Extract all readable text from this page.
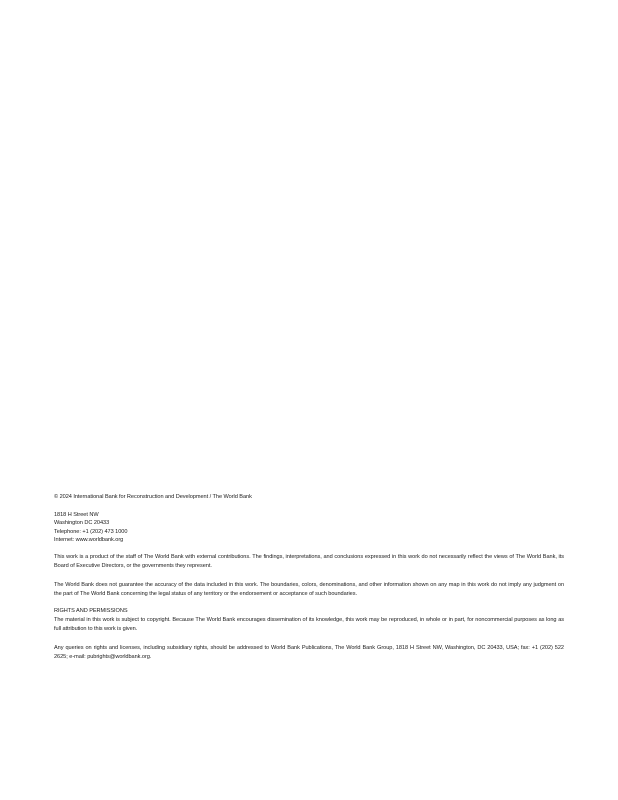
© 2024 International Bank for Reconstruction and Development / The World Bank

1818 H Street NW
Washington DC 20433
Telephone: +1 (202) 473 1000
Internet: www.worldbank.org

This work is a product of the staff of The World Bank with external contributions. The findings, interpretations, and conclusions expressed in this work do not necessarily reflect the views of The World Bank, its Board of Executive Directors, or the governments they represent.

The World Bank does not guarantee the accuracy of the data included in this work. The boundaries, colors, denominations, and other information shown on any map in this work do not imply any judgment on the part of The World Bank concerning the legal status of any territory or the endorsement or acceptance of such boundaries.

RIGHTS AND PERMISSIONS
The material in this work is subject to copyright. Because The World Bank encourages dissemination of its knowledge, this work may be reproduced, in whole or in part, for noncommercial purposes as long as full attribution to this work is given.

Any queries on rights and licenses, including subsidiary rights, should be addressed to World Bank Publications, The World Bank Group, 1818 H Street NW, Washington, DC 20433, USA; fax: +1 (202) 522 2625; e-mail: pubrights@worldbank.org.
